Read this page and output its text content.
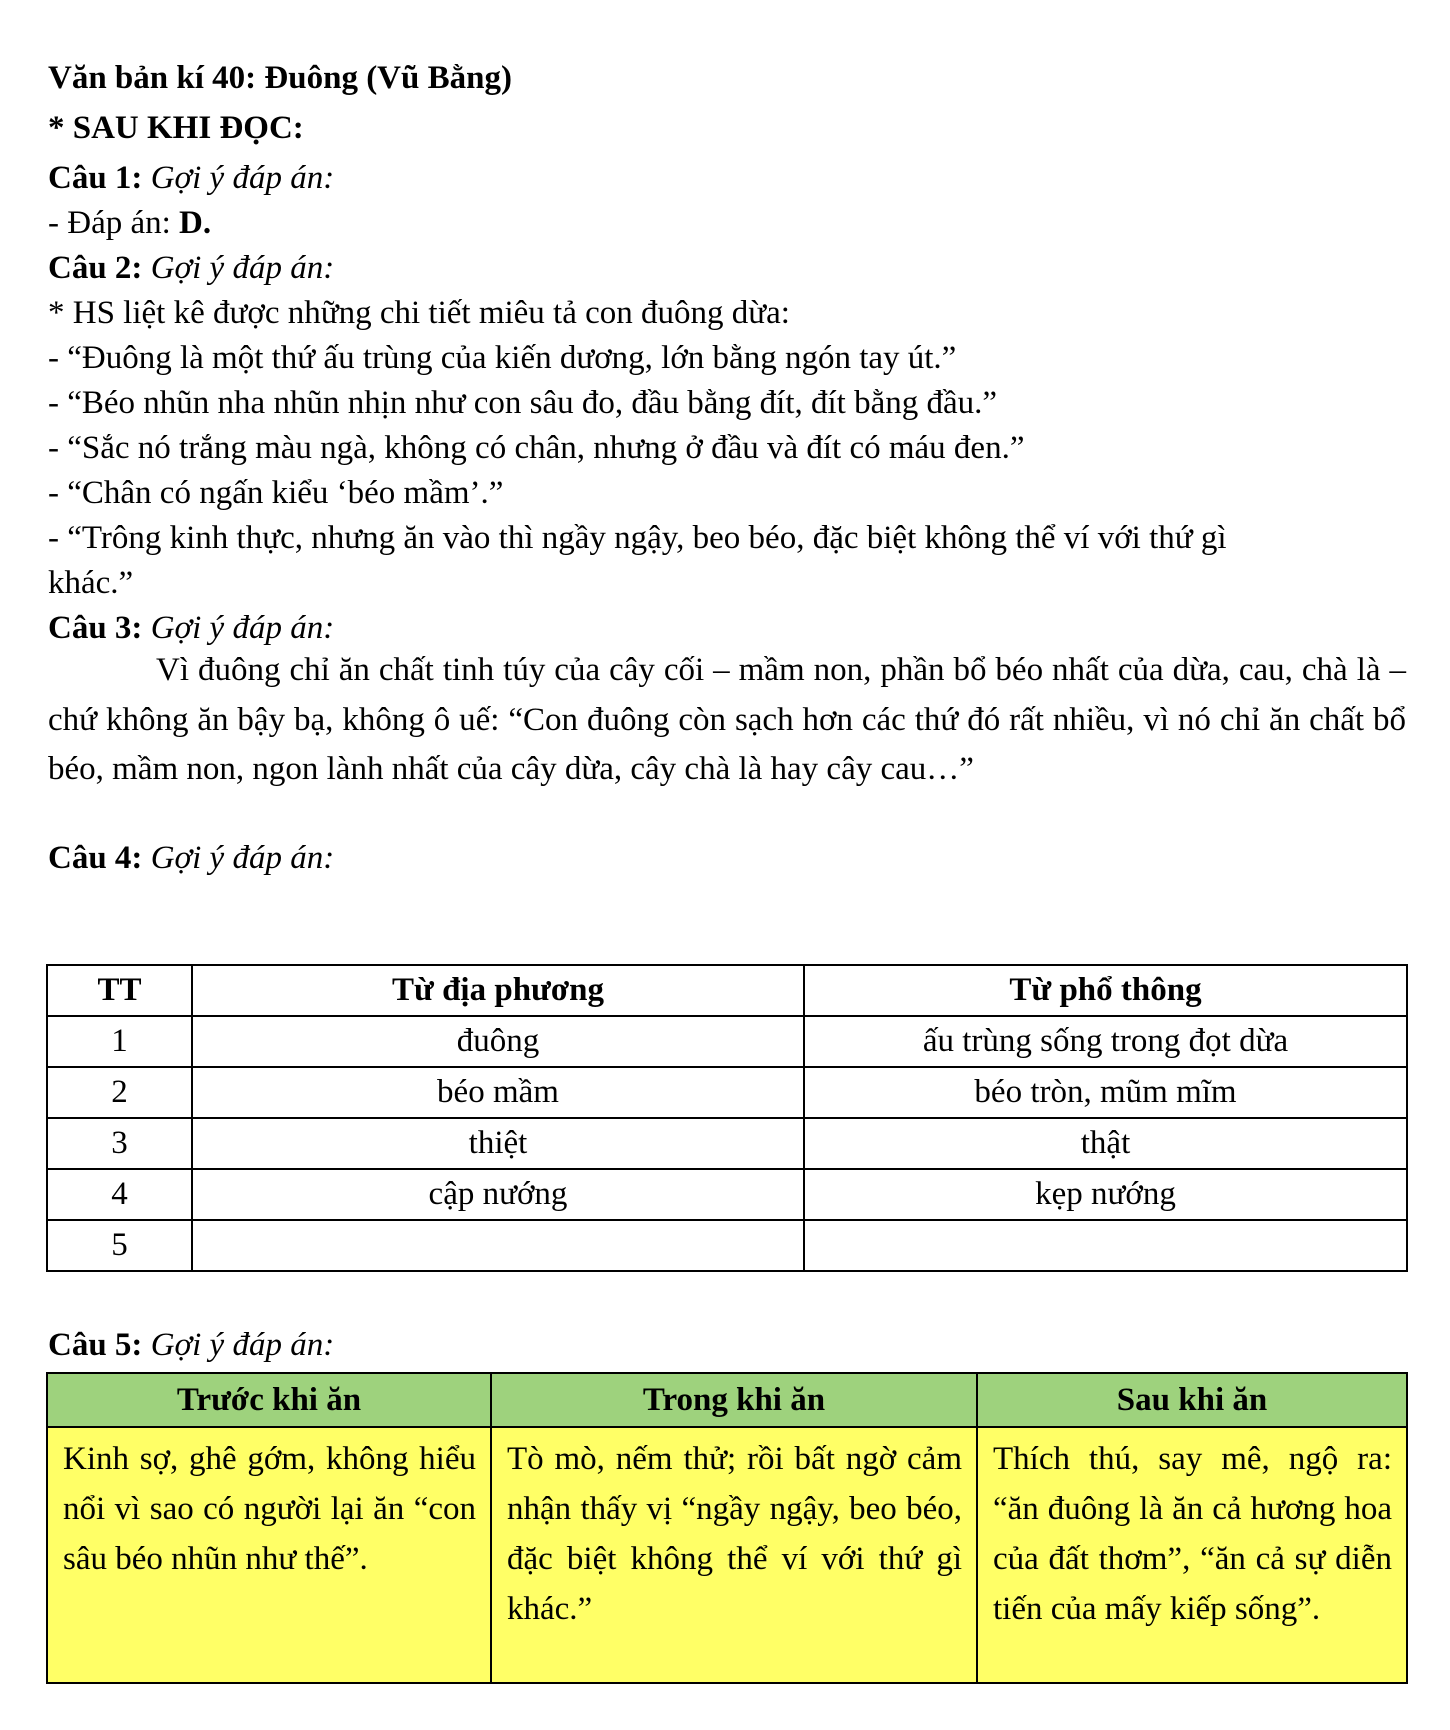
Văn bản kí 40: Đuông (Vũ Bằng)
* SAU KHI ĐỌC:
Câu 1: Gợi ý đáp án:
- Đáp án: D.
Câu 2: Gợi ý đáp án:
* HS liệt kê được những chi tiết miêu tả con đuông dừa:
- “Đuông là một thứ ấu trùng của kiến dương, lớn bằng ngón tay út.”
- “Béo nhũn nha nhũn nhịn như con sâu đo, đầu bằng đít, đít bằng đầu.”
- “Sắc nó trắng màu ngà, không có chân, nhưng ở đầu và đít có máu đen.”
- “Chân có ngấn kiểu ‘béo mầm’.”
- “Trông kinh thực, nhưng ăn vào thì ngầy ngậy, beo béo, đặc biệt không thể ví với thứ gì
khác.”
Câu 3: Gợi ý đáp án:
Vì đuông chỉ ăn chất tinh túy của cây cối – mầm non, phần bổ béo nhất của dừa, cau, chà là – chứ không ăn bậy bạ, không ô uế: “Con đuông còn sạch hơn các thứ đó rất nhiều, vì nó chỉ ăn chất bổ béo, mầm non, ngon lành nhất của cây dừa, cây chà là hay cây cau…”
Câu 4: Gợi ý đáp án:
TT	Từ địa phương	Từ phổ thông
1	đuông	ấu trùng sống trong đọt dừa
2	béo mầm	béo tròn, mũm mĩm
3	thiệt	thật
4	cập nướng	kẹp nướng
5		
Câu 5: Gợi ý đáp án:
Trước khi ăn	Trong khi ăn	Sau khi ăn
Kinh sợ, ghê gớm, không hiểu nổi vì sao có người lại ăn “con sâu béo nhũn như thế”.	Tò mò, nếm thử; rồi bất ngờ cảm nhận thấy vị “ngầy ngậy, beo béo, đặc biệt không thể ví với thứ gì khác.”	Thích thú, say mê, ngộ ra: “ăn đuông là ăn cả hương hoa của đất thơm”, “ăn cả sự diễn tiến của mấy kiếp sống”.
